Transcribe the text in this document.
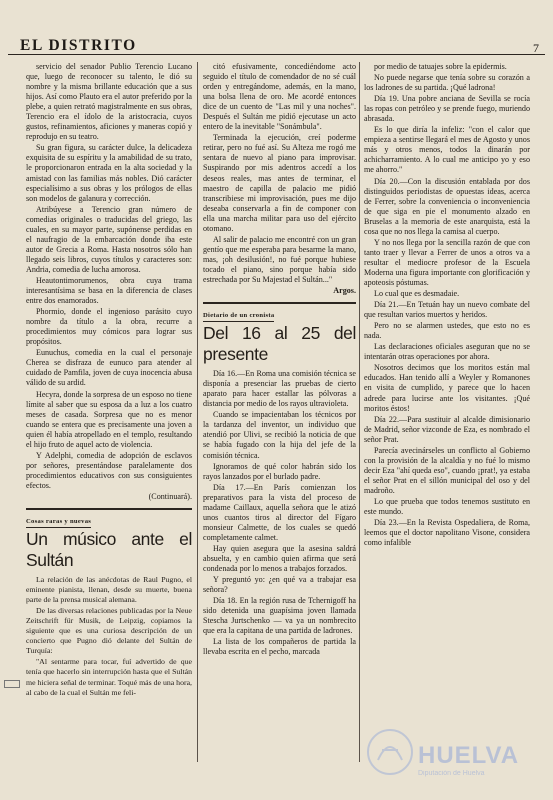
EL DISTRITO	7

servicio del senador Publio Terencio Lucano que, luego de reconocer su talento, le dió su nombre y la misma brillante educación que a sus hijos. Así como Plauto era el autor preferido por la plebe, a quien retrató magistralmente en sus obras, Terencio era el ídolo de la aristocracia, cuyos gustos, refinamientos, aficiones y maneras copió y reprodujo en su teatro.

Su gran figura, su carácter dulce, la delicadeza exquisita de su espíritu y la amabilidad de su trato, le proporcionaron entrada en la alta sociedad y la amistad con las familias más nobles. Dió carácter especialísimo a sus obras y los prólogos de ellas son modelos de galanura y corrección.

Atribúyese a Terencio gran número de comedias originales o traducidas del griego, las cuales, en su mayor parte, supónense perdidas en el naufragio de la embarcación donde iba este autor de Grecia a Roma. Hasta nosotros sólo han llegado seis libros, cuyos títulos y caracteres son: Andria, comedia de lucha amorosa.

Heautontimorumenos, obra cuya trama interesantísima se basa en la diferencia de clases entre dos enamorados.

Phormio, donde el ingenioso parásito cuyo nombre da título a la obra, recurre a procedimientos muy cómicos para lograr sus propósitos.

Eunuchus, comedia en la cual el personaje Cherea se disfraza de eunuco para atender al cuidado de Pamfila, joven de cuya inocencia abusa válido de su ardid.

Hecyra, donde la sorpresa de un esposo no tiene límite al saber que su esposa da a luz a los cuatro meses de casada. Sorpresa que no es menor cuando se entera que es precisamente una joven a quien él había atropellado en el templo, resultando el hijo fruto de aquel acto de violencia.

Y Adelphi, comedia de adopción de esclavos por señores, presentándose paralelamente dos procedimientos educativos con sus consiguientes efectos.

(Continuará).
Cosas raras y nuevas
Un músico ante el Sultán

La relación de las anécdotas de Raul Pugno, el eminente pianista, llenan, desde su muerte, buena parte de la prensa musical alemana.

De las diversas relaciones publicadas por la Neue Zeitschrift für Musik, de Leipzig, copiamos la siguiente que es una curiosa descripción de un concierto que Pugno dió delante del Sultán de Turquía:

"Al sentarme para tocar, fuí advertido de que tenía que hacerlo sin interrupción hasta que el Sultán me hiciera señal de terminar. Toqué más de una hora, al cabo de la cual el Sultán me feli-

citó efusivamente, concediéndome acto seguido el título de comendador de no sé cuál orden y entregándome, además, en la mano, una bolsa llena de oro. Me acordé entonces dice de un cuento de "Las mil y una noches". Después el Sultán me pidió ejecutase un acto entero de la inevitable "Sonámbula".

Terminada la ejecución, creí poderme retirar, pero no fué así. Su Alteza me rogó me sentara de nuevo al piano para improvisar. Suspirando por mis adentros accedí a los deseos reales, mas antes de terminar, el maestro de capilla de palacio me pidió transcribiese mi improvisación, pues me dijo deseaba conservarla a fin de componer con ella una marcha militar para uso del ejército otomano.

Al salir de palacio me encontré con un gran gentío que me esperaba para besarme la mano, mas, ¡oh desilusión!, no fué porque hubiese tocado el piano, sino porque había sido estrechada por Su Majestad el Sultán..."

Argos.
Dietario de un cronista
Del 16 al 25 del presente

Día 16.—En Roma una comisión técnica se disponía a presenciar las pruebas de cierto aparato para hacer estallar las pólvoras a distancia por medio de los rayos ultravioleta.

Cuando se impacientaban los técnicos por la tardanza del inventor, un individuo que atendió por Ulivi, se recibió la noticia de que se había fugado con la hija del jefe de la comisión técnica.

Ignoramos de qué color habrán sido los rayos lanzados por el burlado padre.

Día 17.—En París comienzan los preparativos para la vista del proceso de madame Caillaux, aquella señora que le atizó unos cuantos tiros al director del Fígaro monsieur Calmette, de los cuales se quedó completamente calmet.

Hay quien asegura que la asesina saldrá absuelta, y en cambio quien afirma que será condenada por lo menos a trabajos forzados.

Y preguntó yo: ¿en qué va a trabajar esa señora?

Día 18. En la región rusa de Tchernigoff ha sido detenida una guapísima joven llamada Stescha Jurtschenko — va ya un nombrecito que era la capitana de una partida de ladrones.

La lista de los compañeros de partida la llevaba escrita en el pecho, marcada

por medio de tatuajes sobre la epidermis.

No puede negarse que tenía sobre su corazón a los ladrones de su partida. ¡Qué ladrona!

Día 19. Una pobre anciana de Sevilla se rocía las ropas con petróleo y se prende fuego, muriendo abrasada.

Es lo que diría la infeliz: "con el calor que empieza a sentirse llegará el mes de Agosto y unos más y otros menos, todos la dinarán por achicharramiento. A lo cual me anticipo yo y eso me ahorro."

Día 20.—Con la discusión entablada por dos distinguidos periodistas de opuestas ideas, acerca de Ferrer, sobre la conveniencia o inconveniencia de que siga en pie el monumento alzado en Bruselas a la memoria de este anarquista, está la cosa que no nos llega la camisa al cuerpo.

Y no nos llega por la sencilla razón de que con tanto traer y llevar a Ferrer de unos a otros va a resultar el mediocre profesor de la Escuela Moderna una figura importante con glorificación y apoteosis póstumas.

Lo cual que es desmadaie.

Día 21.—En Tetuán hay un nuevo combate del que resultan varios muertos y heridos.

Pero no se alarmen ustedes, que esto no es nada.

Las declaraciones oficiales aseguran que no se intentarán otras operaciones por ahora.

Nosotros decimos que los moritos están mal educados. Han tenido allí a Weyler y Romanones en visita de cumplido, y parece que lo hacen adrede para lucirse ante los visitantes. ¡Qué moritos éstos!

Día 22.—Para sustituir al alcalde dimisionario de Madrid, señor vizconde de Eza, es nombrado el señor Prat.

Parecía avecinárseles un conflicto al Gobierno con la provisión de la alcaldía y no fué lo mismo decir Eza "ahí queda eso", cuando ¡prat!, ya estaba el señor Prat en el sillón municipal del oso y del madroño.

Lo que prueba que todos tenemos sustituto en este mundo.

Día 23.—En la Revista Ospedaliera, de Roma, leemos que el doctor napolitano Visone, considera como infalible

HUELVA
Diputación de Huelva
